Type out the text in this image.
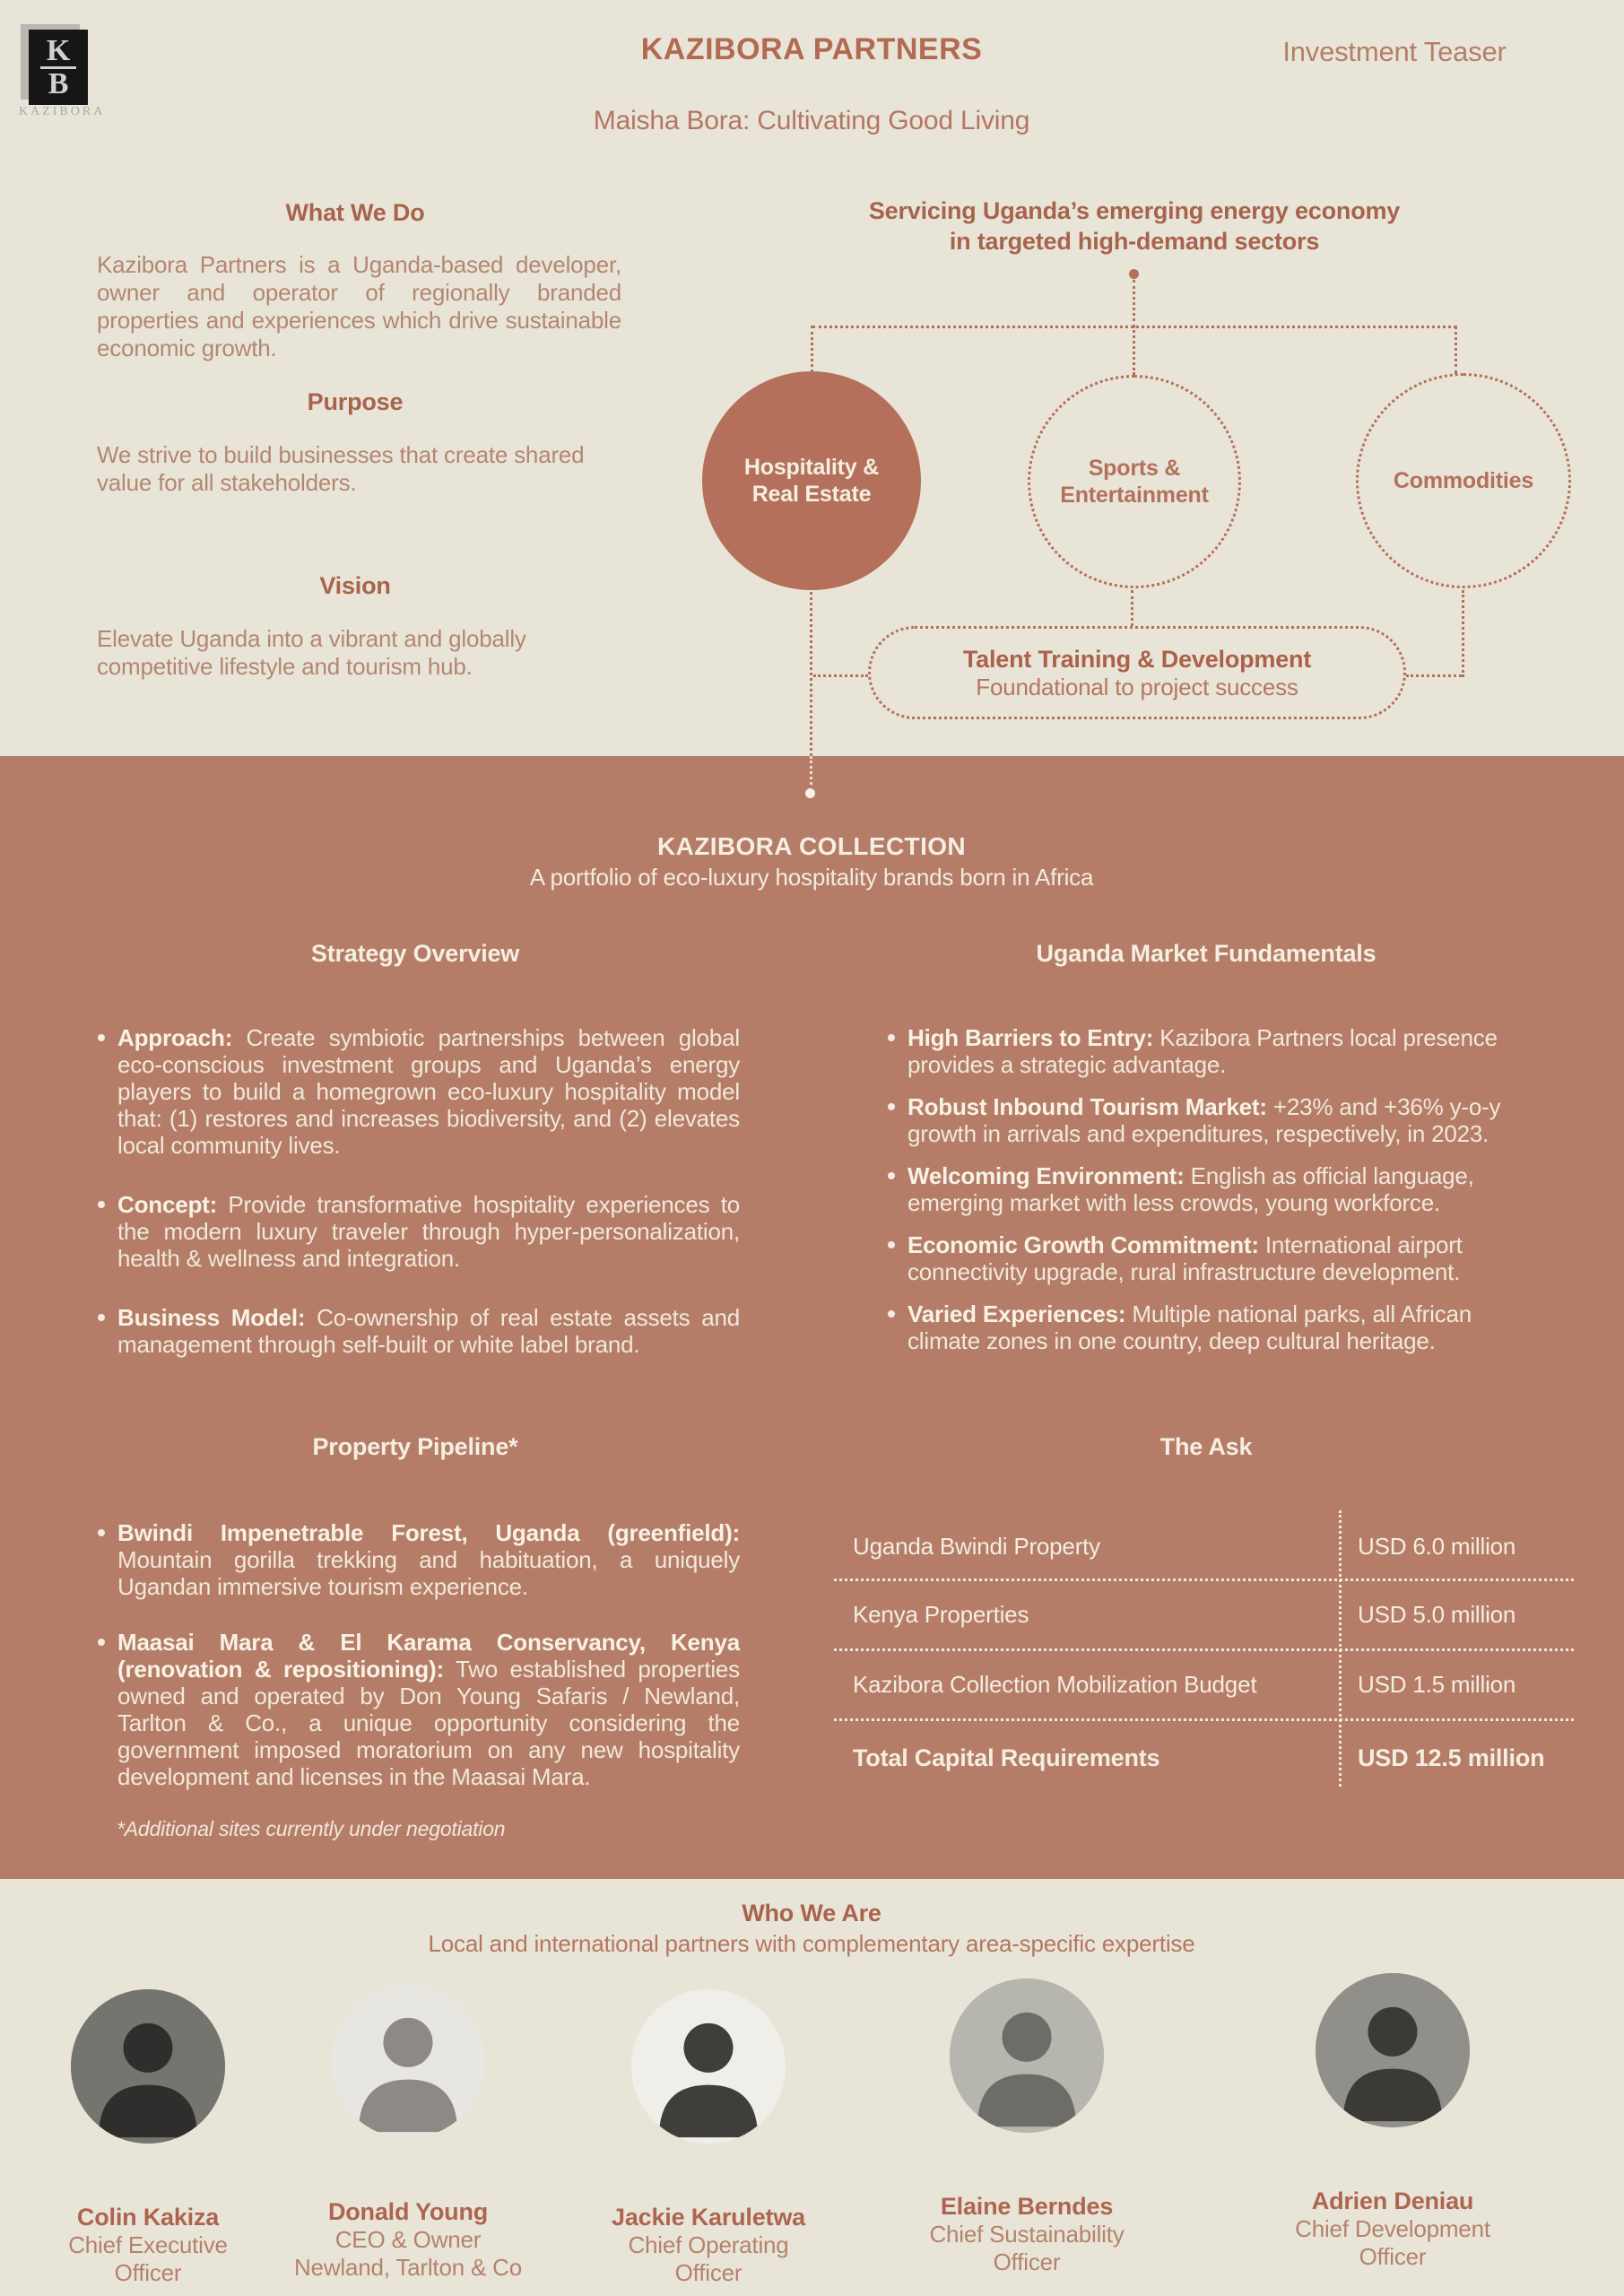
K
B
KAZIBORA
KAZIBORA PARTNERS	Investment Teaser
Maisha Bora: Cultivating Good Living
What We Do
Kazibora Partners is a Uganda-based developer, owner and operator of regionally branded properties and experiences which drive sustainable economic growth.
Purpose
We strive to build businesses that create shared value for all stakeholders.
Vision
Elevate Uganda into a vibrant and globally competitive lifestyle and tourism hub.
Servicing Uganda’s emerging energy economy
in targeted high-demand sectors
Hospitality &
Real Estate
Sports &
Entertainment
Commodities
Talent Training & Development
Foundational to project success
KAZIBORA COLLECTION
A portfolio of eco-luxury hospitality brands born in Africa
Strategy Overview	Uganda Market Fundamentals
Approach: Create symbiotic partnerships between global eco-conscious investment groups and Uganda’s energy players to build a homegrown eco-luxury hospitality model that: (1) restores and increases biodiversity, and (2) elevates local community lives.
Concept: Provide transformative hospitality experiences to the modern luxury traveler through hyper-personalization, health & wellness and integration.
Business Model: Co-ownership of real estate assets and management through self-built or white label brand.
High Barriers to Entry: Kazibora Partners local presence provides a strategic advantage.
Robust Inbound Tourism Market: +23% and +36% y-o-y growth in arrivals and expenditures, respectively, in 2023.
Welcoming Environment: English as official language, emerging market with less crowds, young workforce.
Economic Growth Commitment: International airport connectivity upgrade, rural infrastructure development.
Varied Experiences: Multiple national parks, all African climate zones in one country, deep cultural heritage.
Property Pipeline*
Bwindi Impenetrable Forest, Uganda (greenfield): Mountain gorilla trekking and habituation, a uniquely Ugandan immersive tourism experience.
Maasai Mara & El Karama Conservancy, Kenya (renovation & repositioning): Two established properties owned and operated by Don Young Safaris / Newland, Tarlton & Co., a unique opportunity considering the government imposed moratorium on any new hospitality development and licenses in the Maasai Mara.
*Additional sites currently under negotiation
The Ask
Uganda Bwindi Property	USD 6.0 million
Kenya Properties	USD 5.0 million
Kazibora Collection Mobilization Budget	USD 1.5 million
Total Capital Requirements	USD 12.5 million
Who We Are
Local and international partners with complementary area-specific expertise
Colin Kakiza
Chief Executive
Officer
Donald Young
CEO & Owner
Newland, Tarlton & Co
Jackie Karuletwa
Chief Operating
Officer
Elaine Berndes
Chief Sustainability
Officer
Adrien Deniau
Chief Development
Officer
